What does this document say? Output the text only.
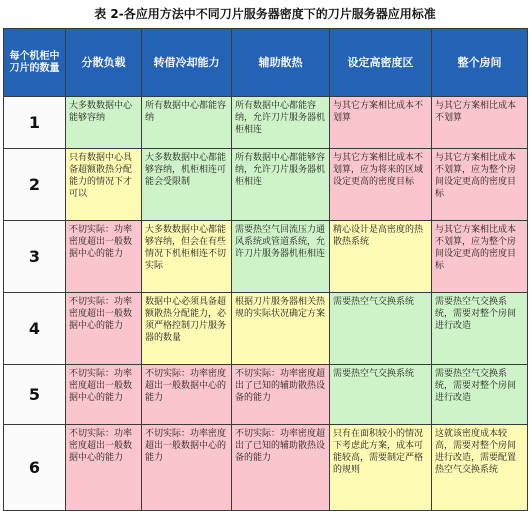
表 2-各应用方法中不同刀片服务器密度下的刀片服务器应用标准
每个机柜中刀片的数量	分散负载	转借冷却能力	辅助散热	设定高密度区	整个房间
1	大多数数据中心能够容纳	所有数据中心都能容纳	所有数据中心都能容纳，允许刀片服务器机柜相连	与其它方案相比成本不划算	与其它方案相比成本不划算
2	只有数据中心具备超额散热分配能力的情况下才可以	大多数数据中心都能够容纳，机柜相连可能会受限制	所有数据中心都能够容纳，允许刀片服务器机柜相连	与其它方案相比成本不划算，应为将来的区域设定更高的密度目标	与其它方案相比成本不划算，应为整个房间设定更高的密度目标
3	不切实际：功率密度超出一般数据中心的能力	大多数数据中心都能够容纳，但会在有些情况下机柜相连不切实际	需要热空气回流压力通风系统或管道系统，允许刀片服务器机柜相连	精心设计是高密度的热散热系统	与其它方案相比成本不划算，应为整个房间设定更高的密度目标
4	不切实际：功率密度超出一般数据中心的能力	数据中心必须具备超额散热分配能力，必须严格控制刀片服务器的数量	根据刀片服务器相关热规的实际状况确定方案	需要热空气交换系统	需要热空气交换系统，需要对整个房间进行改造
5	不切实际：功率密度超出一般数据中心的能力	不切实际：功率密度超出一般数据中心的能力	不切实际：功率密度超出了已知的辅助散热设备的能力	需要热空气交换系统	需要热空气交换系统，需要对整个房间进行改造
6	不切实际：功率密度超出一般数据中心的能力	不切实际：功率密度超出一般数据中心的能力	不切实际：功率密度超出了已知的辅助散热设备的能力	只有在面积较小的情况下考虑此方案，成本可能较高，需要制定严格的规则	这就该密度成本较高，需要对整个房间进行改造，需要配置热空气交换系统
